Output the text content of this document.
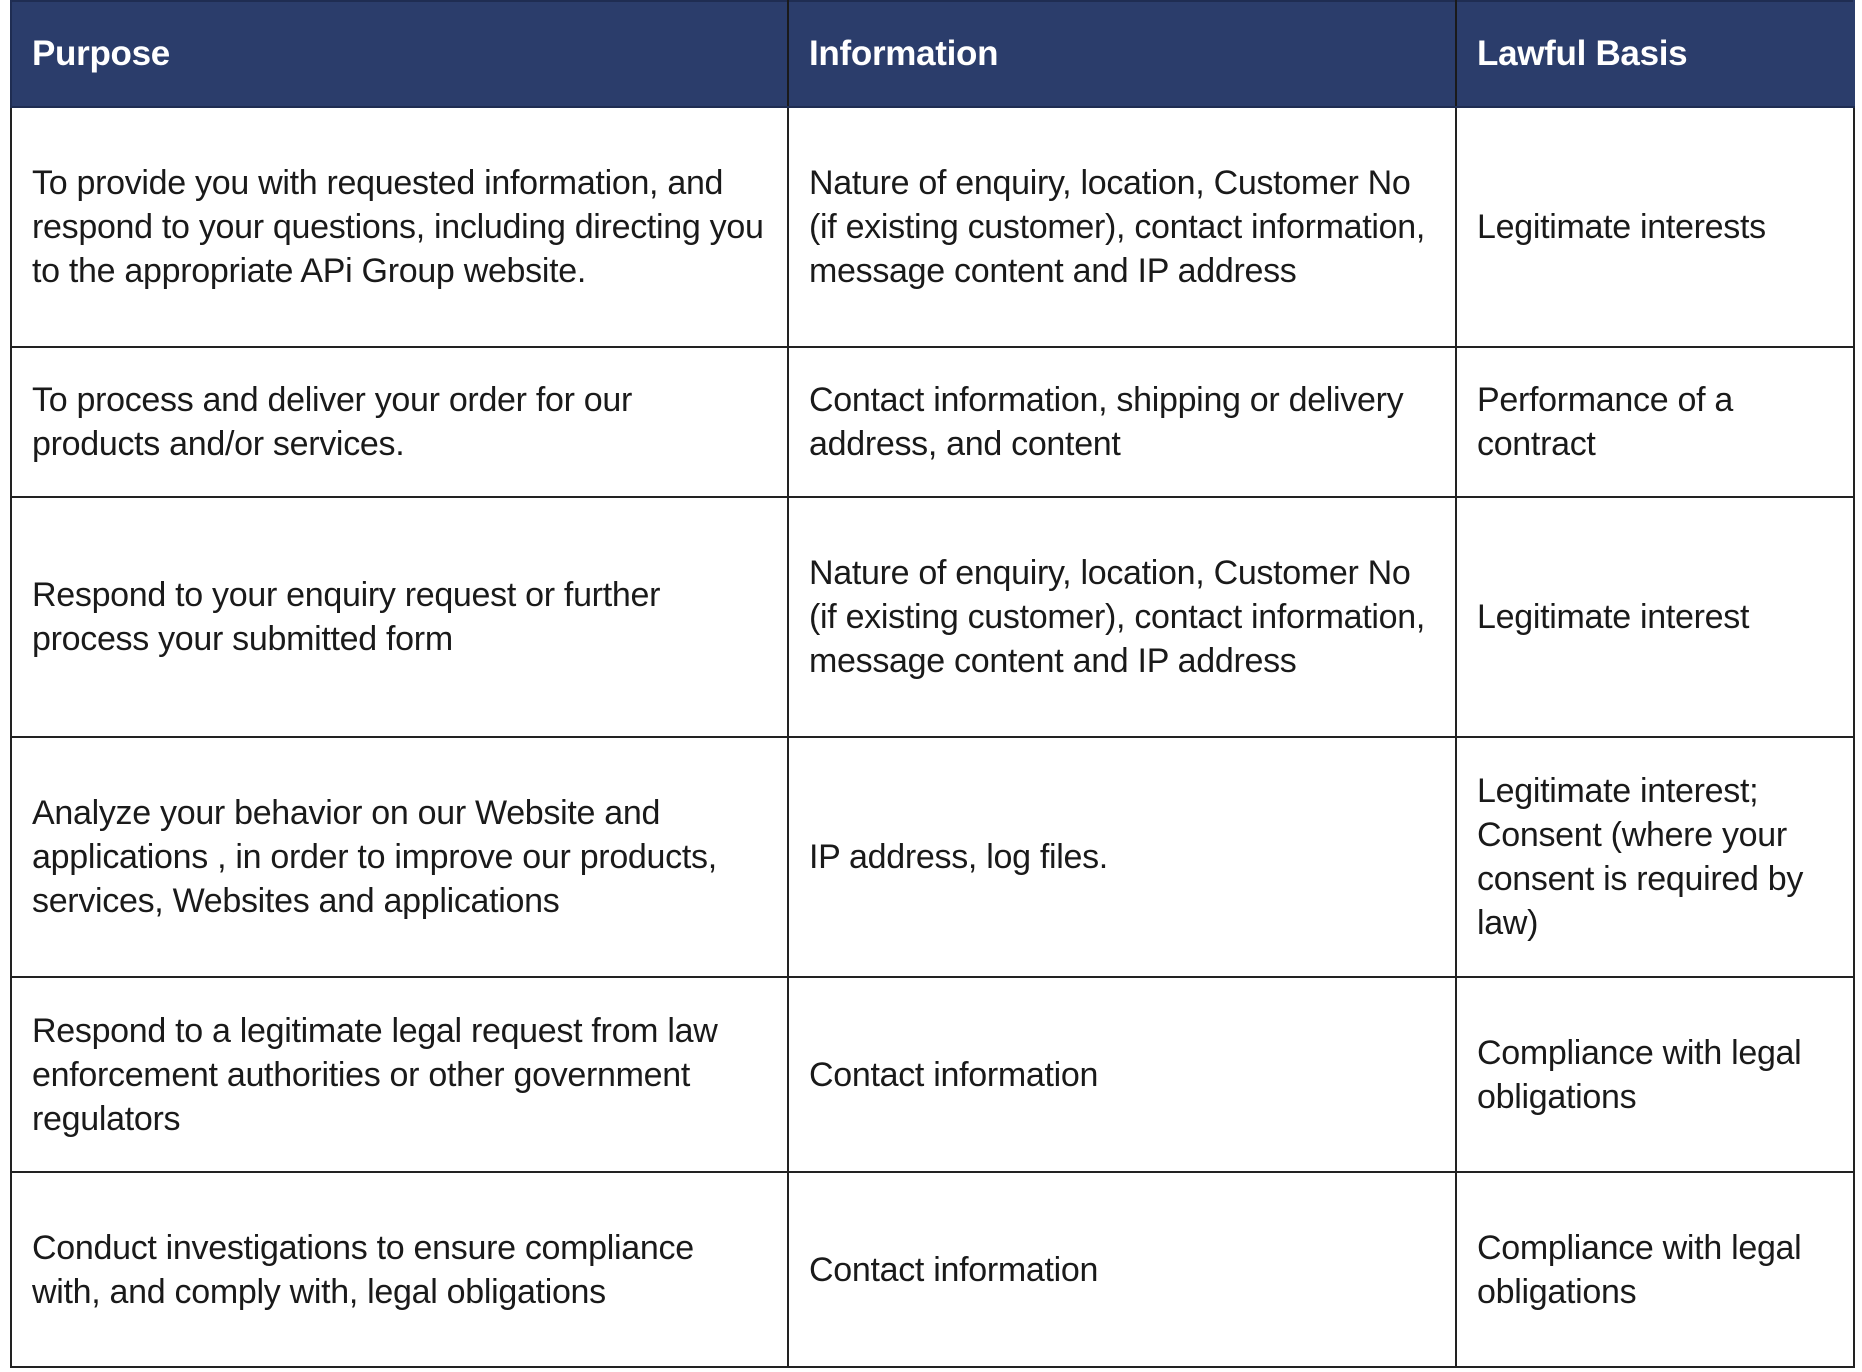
Purpose	Information	Lawful Basis
To provide you with requested information, and respond to your questions, including directing you to the appropriate APi Group website.	Nature of enquiry, location, Customer No (if existing customer), contact information, message content and IP address	Legitimate interests
To process and deliver your order for our products and/or services.	Contact information, shipping or delivery address, and content	Performance of a contract
Respond to your enquiry request or further process your submitted form	Nature of enquiry, location, Customer No (if existing customer), contact information, message content and IP address	Legitimate interest
Analyze your behavior on our Website and applications , in order to improve our products, services, Websites and applications	IP address, log files.	Legitimate interest; Consent (where your consent is required by law)
Respond to a legitimate legal request from law enforcement authorities or other government regulators	Contact information	Compliance with legal obligations
Conduct investigations to ensure compliance with, and comply with, legal obligations	Contact information	Compliance with legal obligations
